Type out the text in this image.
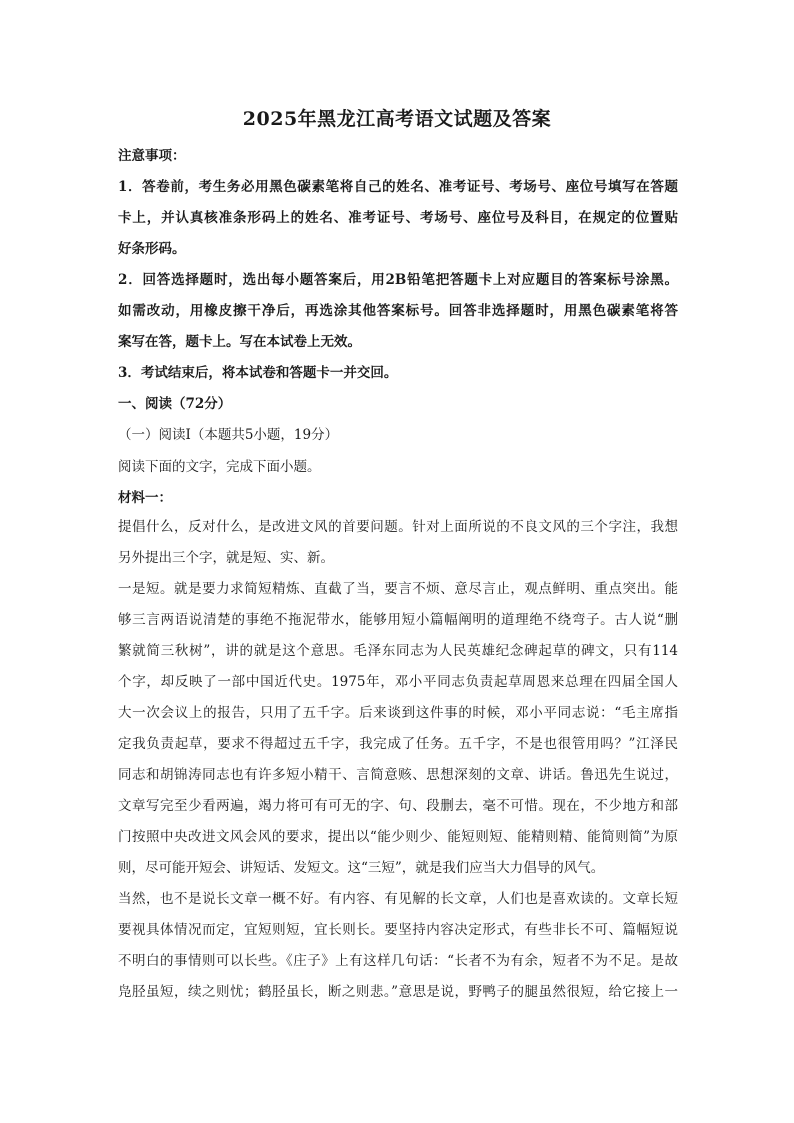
2025年黑龙江高考语文试题及答案
注意事项：
1．答卷前，考生务必用黑色碳素笔将自己的姓名、准考证号、考场号、座位号填写在答题
卡上，并认真核准条形码上的姓名、准考证号、考场号、座位号及科目，在规定的位置贴
好条形码。
2．回答选择题时，选出每小题答案后，用2B铅笔把答题卡上对应题目的答案标号涂黑。
如需改动，用橡皮擦干净后，再选涂其他答案标号。回答非选择题时，用黑色碳素笔将答
案写在答，题卡上。写在本试卷上无效。
3．考试结束后，将本试卷和答题卡一并交回。
一、阅读（72分）
（一）阅读Ⅰ（本题共5小题，19分）
阅读下面的文字，完成下面小题。
材料一：
提倡什么，反对什么，是改进文风的首要问题。针对上面所说的不良文风的三个字注，我想
另外提出三个字，就是短、实、新。
一是短。就是要力求简短精炼、直截了当，要言不烦、意尽言止，观点鲜明、重点突出。能
够三言两语说清楚的事绝不拖泥带水，能够用短小篇幅阐明的道理绝不绕弯子。古人说“删
繁就简三秋树”，讲的就是这个意思。毛泽东同志为人民英雄纪念碑起草的碑文，只有114
个字，却反映了一部中国近代史。1975年，邓小平同志负责起草周恩来总理在四届全国人
大一次会议上的报告，只用了五千字。后来谈到这件事的时候，邓小平同志说：“毛主席指
定我负责起草，要求不得超过五千字，我完成了任务。五千字，不是也很管用吗？”江泽民
同志和胡锦涛同志也有许多短小精干、言简意赅、思想深刻的文章、讲话。鲁迅先生说过，
文章写完至少看两遍，竭力将可有可无的字、句、段删去，毫不可惜。现在，不少地方和部
门按照中央改进文风会风的要求，提出以“能少则少、能短则短、能精则精、能简则简”为原
则，尽可能开短会、讲短话、发短文。这“三短”，就是我们应当大力倡导的风气。
当然，也不是说长文章一概不好。有内容、有见解的长文章，人们也是喜欢读的。文章长短
要视具体情况而定，宜短则短，宜长则长。要坚持内容决定形式，有些非长不可、篇幅短说
不明白的事情则可以长些。《庄子》上有这样几句话：“长者不为有余，短者不为不足。是故
凫胫虽短，续之则忧；鹤胫虽长，断之则悲。”意思是说，野鸭子的腿虽然很短，给它接上一
